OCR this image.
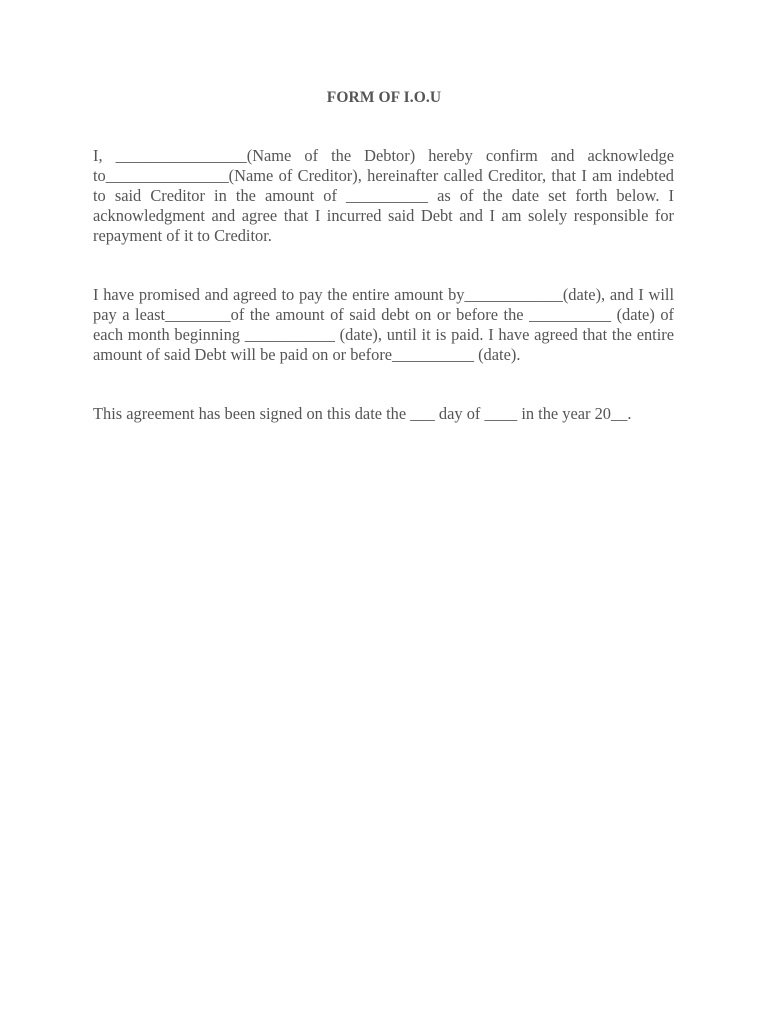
FORM OF I.O.U

I, ________________(Name of the Debtor) hereby confirm and acknowledge to_______________(Name of Creditor), hereinafter called Creditor, that I am indebted to said Creditor in the amount of __________ as of the date set forth below. I acknowledgment and agree that I incurred said Debt and I am solely responsible for repayment of it to Creditor.

I have promised and agreed to pay the entire amount by____________(date), and I will pay a least________of the amount of said debt on or before the __________ (date) of each month beginning ___________ (date), until it is paid. I have agreed that the entire amount of said Debt will be paid on or before__________ (date).

This agreement has been signed on this date the ___ day of ____ in the year 20__.
